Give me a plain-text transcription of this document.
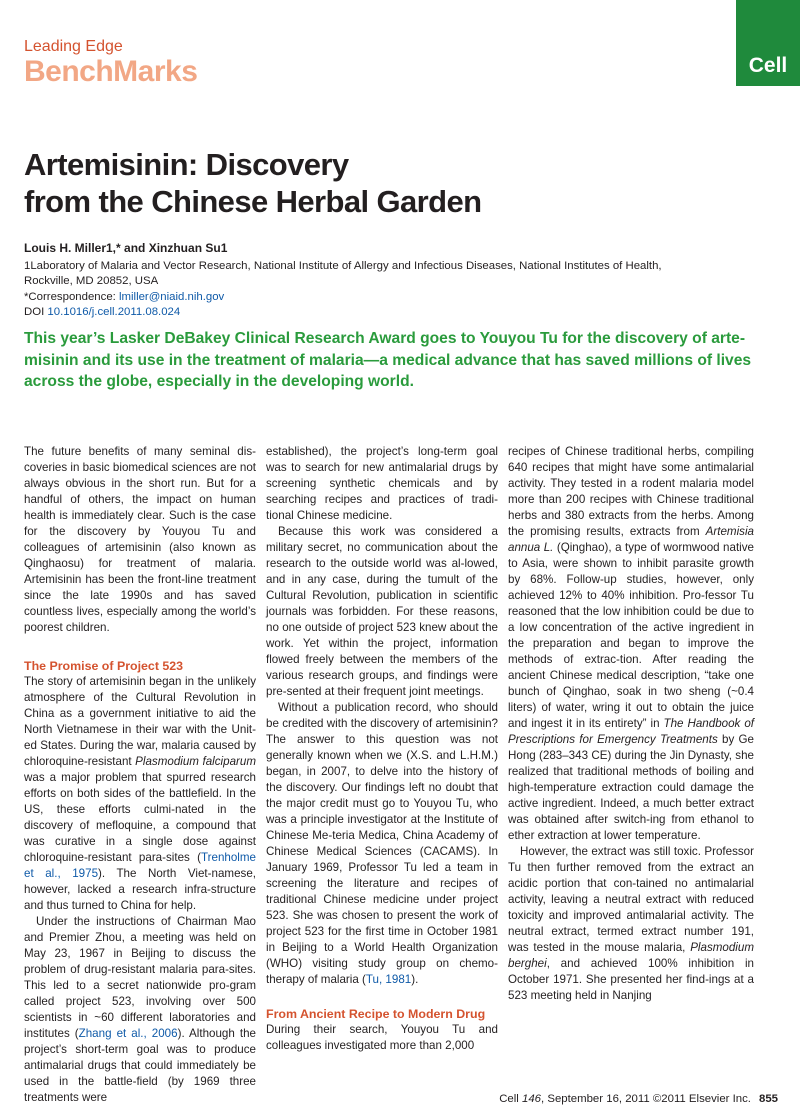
Leading Edge
BenchMarks	Cell
Artemisinin: Discovery
from the Chinese Herbal Garden
Louis H. Miller1,* and Xinzhuan Su1
1Laboratory of Malaria and Vector Research, National Institute of Allergy and Infectious Diseases, National Institutes of Health,
Rockville, MD 20852, USA
*Correspondence: lmiller@niaid.nih.gov
DOI 10.1016/j.cell.2011.08.024

This year’s Lasker DeBakey Clinical Research Award goes to Youyou Tu for the discovery of arte-misinin and its use in the treatment of malaria—a medical advance that has saved millions of lives across the globe, especially in the developing world.

The future benefits of many seminal dis-coveries in basic biomedical sciences are not always obvious in the short run. But for a handful of others, the impact on human health is immediately clear. Such is the case for the discovery by Youyou Tu and colleagues of artemisinin (also known as Qinghaosu) for treatment of malaria. Artemisinin has been the front-line treatment since the late 1990s and has saved countless lives, especially among the world’s poorest children.

The Promise of Project 523

The story of artemisinin began in the unlikely atmosphere of the Cultural Revolution in China as a government initiative to aid the North Vietnamese in their war with the Unit-ed States. During the war, malaria caused by chloroquine-resistant Plasmodium falciparum was a major problem that spurred research efforts on both sides of the battlefield. In the US, these efforts culmi-nated in the discovery of mefloquine, a compound that was curative in a single dose against chloroquine-resistant para-sites (Trenholme et al., 1975). The North Viet-namese, however, lacked a research infra-structure and thus turned to China for help.

Under the instructions of Chairman Mao and Premier Zhou, a meeting was held on May 23, 1967 in Beijing to discuss the problem of drug-resistant malaria para-sites. This led to a secret nationwide pro-gram called project 523, involving over 500 scientists in ~60 different laboratories and institutes (Zhang et al., 2006). Although the project’s short-term goal was to produce antimalarial drugs that could immediately be used in the battle-field (by 1969 three treatments were

established), the project’s long-term goal was to search for new antimalarial drugs by screening synthetic chemicals and by searching recipes and practices of tradi-tional Chinese medicine.

Because this work was considered a military secret, no communication about the research to the outside world was al-lowed, and in any case, during the tumult of the Cultural Revolution, publication in scientific journals was forbidden. For these reasons, no one outside of project 523 knew about the work. Yet within the project, information flowed freely between the members of the various research groups, and findings were pre-sented at their frequent joint meetings.

Without a publication record, who should be credited with the discovery of artemisinin? The answer to this question was not generally known when we (X.S. and L.H.M.) began, in 2007, to delve into the history of the discovery. Our findings left no doubt that the major credit must go to Youyou Tu, who was a principle investigator at the Institute of Chinese Me-teria Medica, China Academy of Chinese Medical Sciences (CACAMS). In January 1969, Professor Tu led a team in screening the literature and recipes of traditional Chinese medicine under project 523. She was chosen to present the work of project 523 for the first time in October 1981 in Beijing to a World Health Organization (WHO) visiting study group on chemo-therapy of malaria (Tu, 1981).

From Ancient Recipe to Modern Drug

During their search, Youyou Tu and colleagues investigated more than 2,000

recipes of Chinese traditional herbs, compiling 640 recipes that might have some antimalarial activity. They tested in a rodent malaria model more than 200 recipes with Chinese traditional herbs and 380 extracts from the herbs. Among the promising results, extracts from Artemisia annua L. (Qinghao), a type of wormwood native to Asia, were shown to inhibit parasite growth by 68%. Follow-up studies, however, only achieved 12% to 40% inhibition. Pro-fessor Tu reasoned that the low inhibition could be due to a low concentration of the active ingredient in the preparation and began to improve the methods of extrac-tion. After reading the ancient Chinese medical description, “take one bunch of Qinghao, soak in two sheng (~0.4 liters) of water, wring it out to obtain the juice and ingest it in its entirety” in The Handbook of Prescriptions for Emergency Treatments by Ge Hong (283–343 CE) during the Jin Dynasty, she realized that traditional methods of boiling and high-temperature extraction could damage the active ingredient. Indeed, a much better extract was obtained after switch-ing from ethanol to ether extraction at lower temperature.

However, the extract was still toxic. Professor Tu then further removed from the extract an acidic portion that con-tained no antimalarial activity, leaving a neutral extract with reduced toxicity and improved antimalarial activity. The neutral extract, termed extract number 191, was tested in the mouse malaria, Plasmodium berghei, and achieved 100% inhibition in October 1971. She presented her find-ings at a 523 meeting held in Nanjing

Cell 146, September 16, 2011 ©2011 Elsevier Inc. 855
